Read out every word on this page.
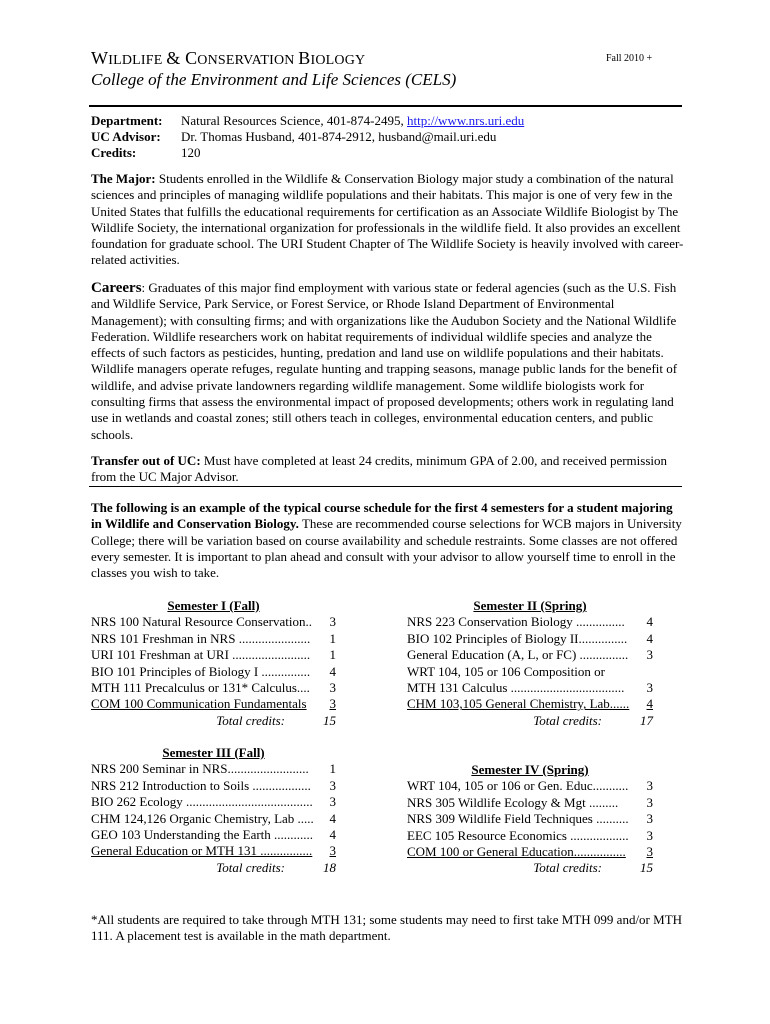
WILDLIFE & CONSERVATION BIOLOGY	Fall 2010 +
College of the Environment and Life Sciences (CELS)
Department:	Natural Resources Science, 401-874-2495, http://www.nrs.uri.edu
UC Advisor:	Dr. Thomas Husband, 401-874-2912, husband@mail.uri.edu
Credits:	120
The Major: Students enrolled in the Wildlife & Conservation Biology major study a combination of the natural sciences and principles of managing wildlife populations and their habitats. This major is one of very few in the United States that fulfills the educational requirements for certification as an Associate Wildlife Biologist by The Wildlife Society, the international organization for professionals in the wildlife field. It also provides an excellent foundation for graduate school. The URI Student Chapter of The Wildlife Society is heavily involved with career-related activities.
Careers: Graduates of this major find employment with various state or federal agencies (such as the U.S. Fish and Wildlife Service, Park Service, or Forest Service, or Rhode Island Department of Environmental Management); with consulting firms; and with organizations like the Audubon Society and the National Wildlife Federation. Wildlife researchers work on habitat requirements of individual wildlife species and analyze the effects of such factors as pesticides, hunting, predation and land use on wildlife populations and their habitats. Wildlife managers operate refuges, regulate hunting and trapping seasons, manage public lands for the benefit of wildlife, and advise private landowners regarding wildlife management. Some wildlife biologists work for consulting firms that assess the environmental impact of proposed developments; others work in regulating land use in wetlands and coastal zones; still others teach in colleges, environmental education centers, and public schools.
Transfer out of UC: Must have completed at least 24 credits, minimum GPA of 2.00, and received permission from the UC Major Advisor.
The following is an example of the typical course schedule for the first 4 semesters for a student majoring in Wildlife and Conservation Biology. These are recommended course selections for WCB majors in University College; there will be variation based on course availability and schedule restraints. Some classes are not offered every semester. It is important to plan ahead and consult with your advisor to allow yourself time to enroll in the classes you wish to take.
Semester I (Fall)
NRS 100 Natural Resource Conservation.. 3
NRS 101 Freshman in NRS ...................... 1
URI 101 Freshman at URI ........................ 1
BIO 101 Principles of Biology I ............... 4
MTH 111 Precalculus or 131* Calculus.... 3
COM 100 Communication Fundamentals 3
Total credits:	15
Semester II (Spring)
NRS 223 Conservation Biology ............... 4
BIO 102 Principles of Biology II............... 4
General Education (A, L, or FC) ............... 3
WRT 104, 105 or 106 Composition or
MTH 131 Calculus ................................... 3
CHM 103,105 General Chemistry, Lab...... 4
Total credits:	17
Semester III (Fall)
NRS 200 Seminar in NRS......................... 1
NRS 212 Introduction to Soils .................. 3
BIO 262 Ecology ....................................... 3
CHM 124,126 Organic Chemistry, Lab ..... 4
GEO 103 Understanding the Earth ............ 4
General Education or MTH 131 ................ 3
Total credits:	18
Semester IV (Spring)
WRT 104, 105 or 106 or Gen. Educ........... 3
NRS 305 Wildlife Ecology & Mgt ......... 3
NRS 309 Wildlife Field Techniques .......... 3
EEC 105 Resource Economics .................. 3
COM 100 or General Education................ 3
Total credits:	15
*All students are required to take through MTH 131; some students may need to first take MTH 099 and/or MTH 111. A placement test is available in the math department.
